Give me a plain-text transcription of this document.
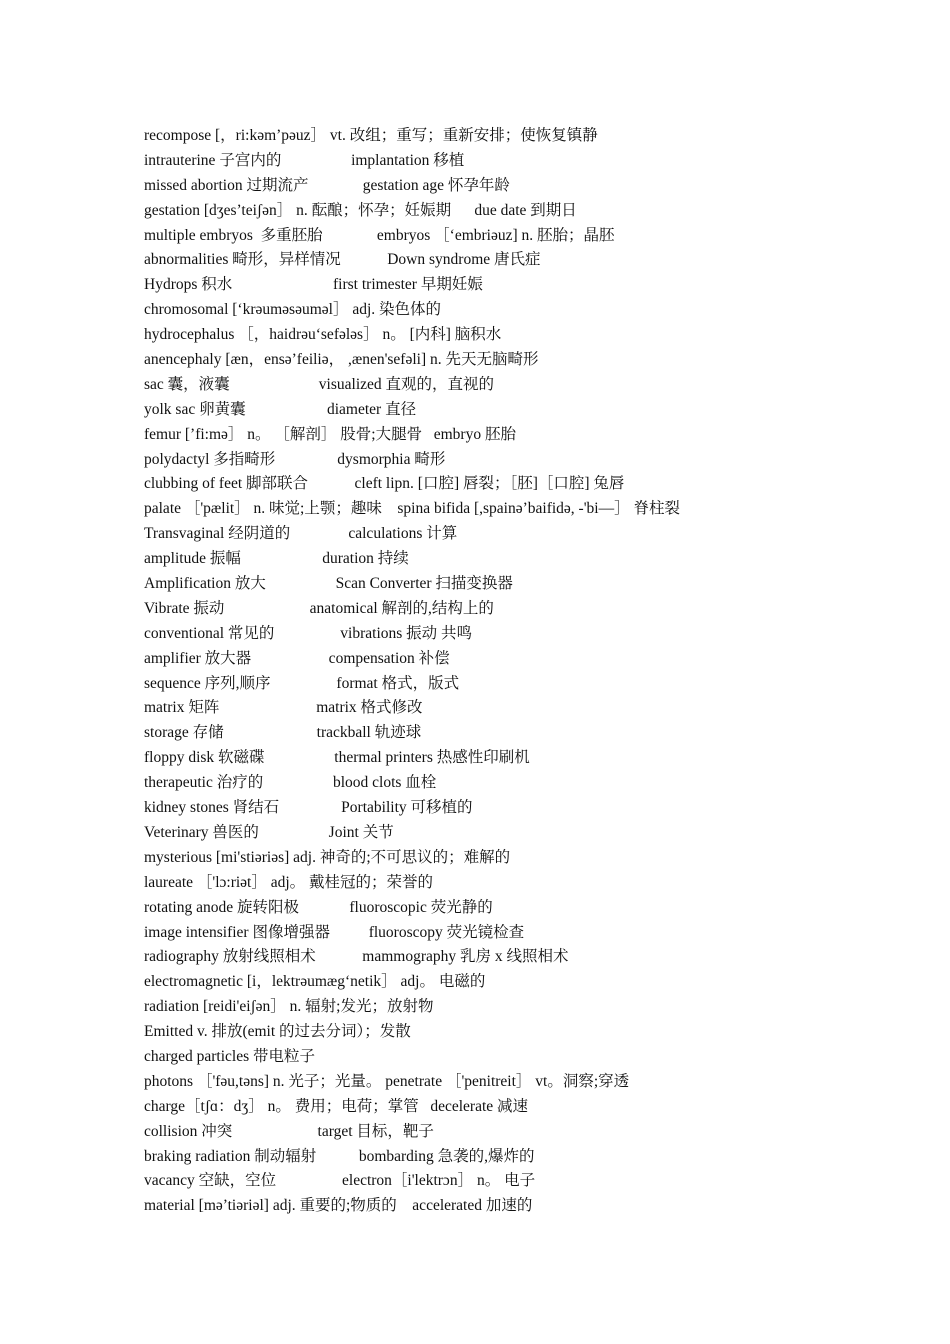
recompose [，ri:kəm’pəuz］ vt. 改组；重写；重新安排；使恢复镇静
intrauterine 子宫内的                  implantation 移植
missed abortion 过期流产              gestation age 怀孕年龄
gestation [dʒes’teiʃən］ n. 酝酿；怀孕；妊娠期      due date 到期日
multiple embryos  多重胚胎              embryos ［‘embriəuz] n. 胚胎；晶胚
abnormalities 畸形，异样情况            Down syndrome 唐氏症
Hydrops 积水                          first trimester 早期妊娠
chromosomal [‘krəuməsəuməl］ adj. 染色体的
hydrocephalus ［，haidrəu‘sefələs］ n。 [内科] 脑积水
anencephaly [æn，ensə’feiliə， ,ænen'sefəli] n. 先天无脑畸形
sac 囊，液囊                       visualized 直观的，直视的
yolk sac 卵黄囊                     diameter 直径
femur [’fi:mə］ n。 ［解剖］ 股骨;大腿骨   embryo 胚胎
polydactyl 多指畸形                dysmorphia 畸形
clubbing of feet 脚部联合            cleft lipn. [口腔] 唇裂；［胚]［口腔] 兔唇
palate ［'pælit］ n. 味觉;上颚；趣味    spina bifida [,spainə’baifidə, -'bi—］ 脊柱裂
Transvaginal 经阴道的               calculations 计算
amplitude 振幅                     duration 持续
Amplification 放大                  Scan Converter 扫描变换器
Vibrate 振动                      anatomical 解剖的,结构上的
conventional 常见的                 vibrations 振动 共鸣
amplifier 放大器                    compensation 补偿
sequence 序列,顺序                 format 格式，版式
matrix 矩阵                         matrix 格式修改
storage 存储                        trackball 轨迹球
floppy disk 软磁碟                  thermal printers 热感性印刷机
therapeutic 治疗的                  blood clots 血栓
kidney stones 肾结石                Portability 可移植的
Veterinary 兽医的                  Joint 关节
mysterious [mi'stiəriəs] adj. 神奇的;不可思议的；难解的
laureate ［'lɔ:riət］ adj。 戴桂冠的；荣誉的
rotating anode 旋转阳极             fluoroscopic 荧光静的
image intensifier 图像增强器          fluoroscopy 荧光镜检查
radiography 放射线照相术            mammography 乳房 x 线照相术
electromagnetic [i，lektrəumæg‘netik］ adj。 电磁的
radiation [reidi'eiʃən］ n. 辐射;发光；放射物
Emitted v. 排放(emit 的过去分词）；发散
charged particles 带电粒子
photons ［'fəu,təns] n. 光子；光量。 penetrate ［'penitreit］ vt。洞察;穿透
charge［tʃɑ：dʒ］ n。 费用；电荷；掌管   decelerate 减速
collision 冲突                      target 目标，靶子
braking radiation 制动辐射           bombarding 急袭的,爆炸的
vacancy 空缺，空位                 electron［i'lektrɔn］ n。 电子
material [mə’tiəriəl] adj. 重要的;物质的    accelerated 加速的
